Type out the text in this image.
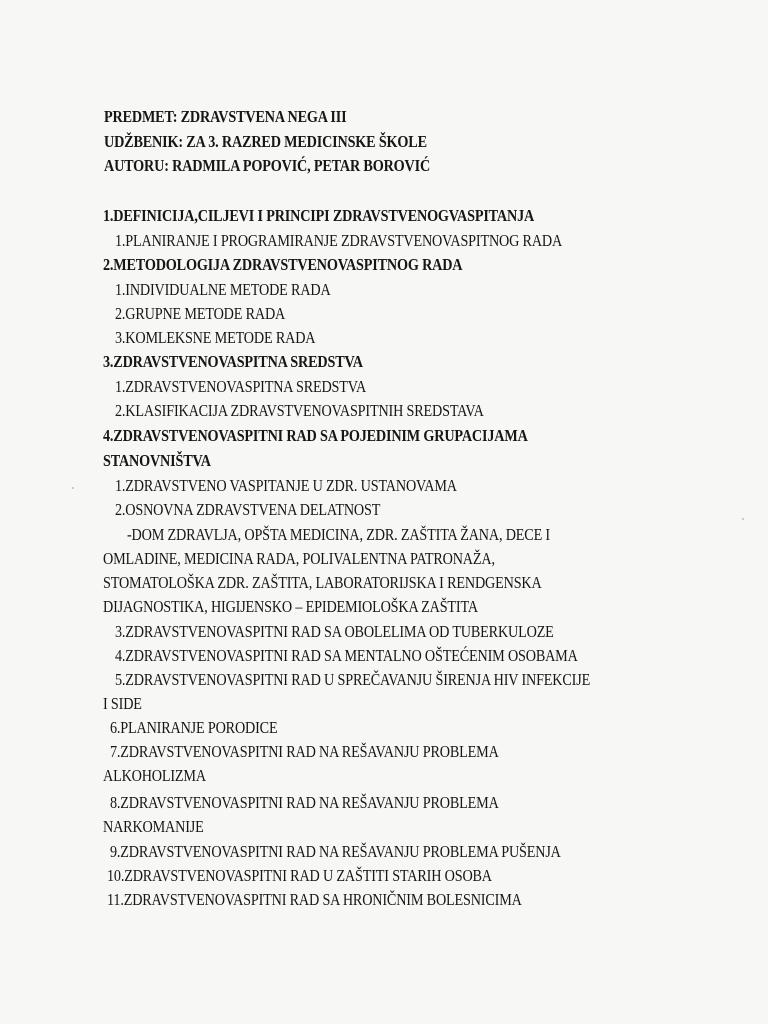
PREDMET: ZDRAVSTVENA NEGA III
UDŽBENIK: ZA 3. RAZRED MEDICINSKE ŠKOLE
AUTORU: RADMILA POPOVIĆ, PETAR BOROVIĆ
1.DEFINICIJA,CILJEVI I PRINCIPI ZDRAVSTVENOGVASPITANJA
1.PLANIRANJE I PROGRAMIRANJE ZDRAVSTVENOVASPITNOG RADA
2.METODOLOGIJA ZDRAVSTVENOVASPITNOG RADA
1.INDIVIDUALNE METODE RADA
2.GRUPNE METODE RADA
3.KOMLEKSNE METODE RADA
3.ZDRAVSTVENOVASPITNA SREDSTVA
1.ZDRAVSTVENOVASPITNA SREDSTVA
2.KLASIFIKACIJA ZDRAVSTVENOVASPITNIH SREDSTAVA
4.ZDRAVSTVENOVASPITNI RAD SA POJEDINIM GRUPACIJAMA
STANOVNIŠTVA
1.ZDRAVSTVENO VASPITANJE U ZDR. USTANOVAMA
2.OSNOVNA ZDRAVSTVENA DELATNOST
-DOM ZDRAVLJA, OPŠTA MEDICINA, ZDR. ZAŠTITA ŽANA, DECE I
OMLADINE, MEDICINA RADA, POLIVALENTNA PATRONAŽA,
STOMATOLOŠKA ZDR. ZAŠTITA, LABORATORIJSKA I RENDGENSKA
DIJAGNOSTIKA, HIGIJENSKO – EPIDEMIOLOŠKA ZAŠTITA
3.ZDRAVSTVENOVASPITNI RAD SA OBOLELIMA OD TUBERKULOZE
4.ZDRAVSTVENOVASPITNI RAD SA MENTALNO OŠTEĆENIM OSOBAMA
5.ZDRAVSTVENOVASPITNI RAD U SPREČAVANJU ŠIRENJA HIV INFEKCIJE
I SIDE
6.PLANIRANJE PORODICE
7.ZDRAVSTVENOVASPITNI RAD NA REŠAVANJU PROBLEMA
ALKOHOLIZMA
8.ZDRAVSTVENOVASPITNI RAD NA REŠAVANJU PROBLEMA
NARKOMANIJE
9.ZDRAVSTVENOVASPITNI RAD NA REŠAVANJU PROBLEMA PUŠENJA
10.ZDRAVSTVENOVASPITNI RAD U ZAŠTITI STARIH OSOBA
11.ZDRAVSTVENOVASPITNI RAD SA HRONIČNIM BOLESNICIMA
